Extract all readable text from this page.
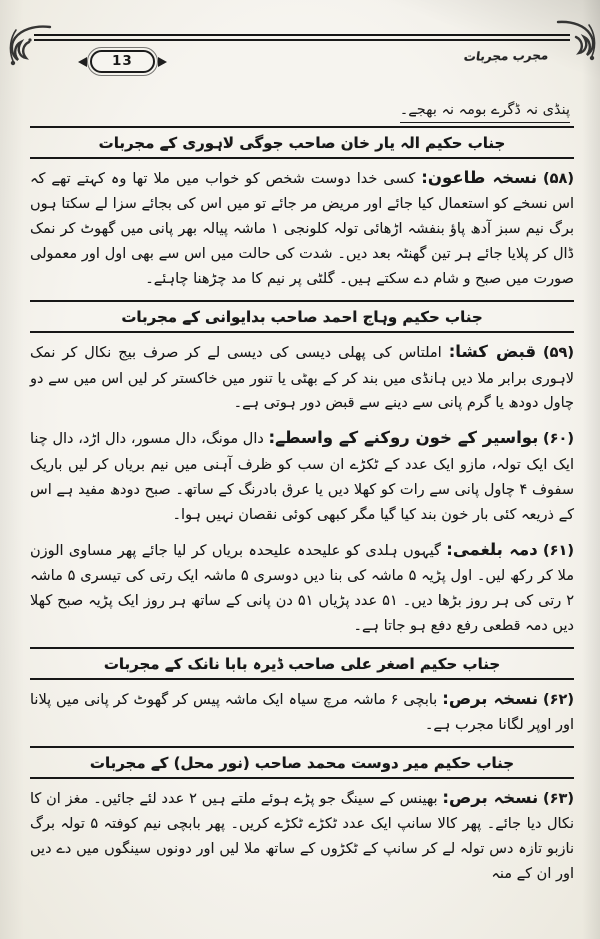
13	مجرب مجربات

پنڈی نہ ڈگرے بومہ نہ بھجے۔

جناب حکیم الہ یار خان صاحب جوگی لاہوری کے مجربات

(۵۸) نسخہ طاعون: کسی خدا دوست شخص کو خواب میں ملا تھا وہ کہتے تھے کہ اس نسخے کو استعمال کیا جائے اور مریض مر جائے تو میں اس کی بجائے سزا لے سکتا ہوں برگ نیم سبز آدھ پاؤ بنفشہ اڑھائی تولہ کلونجی ۱ ماشہ پیالہ بھر پانی میں گھوٹ کر نمک ڈال کر پلایا جائے ہر تین گھنٹہ بعد دیں۔ شدت کی حالت میں اس سے بھی اول اور معمولی صورت میں صبح و شام دے سکتے ہیں۔ گلٹی پر نیم کا مد چڑھنا چاہئے۔

جناب حکیم وہاج احمد صاحب بدایوانی کے مجربات

(۵۹) قبض کشا: املتاس کی پھلی دیسی کی دیسی لے کر صرف بیج نکال کر نمک لاہوری برابر ملا دیں ہانڈی میں بند کر کے بھٹی یا تنور میں خاکستر کر لیں اس میں سے دو چاول دودھ یا گرم پانی سے دینے سے قبض دور ہوتی ہے۔

(۶۰) بواسیر کے خون روکنے کے واسطے: دال مونگ، دال مسور، دال اڑد، دال چنا ایک ایک تولہ، مازو ایک عدد کے ٹکڑے ان سب کو ظرف آہنی میں نیم بریاں کر لیں باریک سفوف ۴ چاول پانی سے رات کو کھلا دیں یا عرق بادرنگ کے ساتھ۔ صبح دودھ مفید ہے اس کے ذریعہ کئی بار خون بند کیا گیا مگر کبھی کوئی نقصان نہیں ہوا۔

(۶۱) دمہ بلغمی: گیہوں ہلدی کو علیحدہ علیحدہ بریاں کر لیا جائے پھر مساوی الوزن ملا کر رکھ لیں۔ اول پڑیہ ۵ ماشہ کی بنا دیں دوسری ۵ ماشہ ایک رتی کی تیسری ۵ ماشہ ۲ رتی کی ہر روز بڑھا دیں۔ ۵۱ عدد پڑیاں ۵۱ دن پانی کے ساتھ ہر روز ایک پڑیہ صبح کھلا دیں دمہ قطعی رفع دفع ہو جاتا ہے۔

جناب حکیم اصغر علی صاحب ڈیرہ بابا نانک کے مجربات

(۶۲) نسخہ برص: بابچی ۶ ماشہ مرچ سیاہ ایک ماشہ پیس کر گھوٹ کر پانی میں پلانا اور اوپر لگانا مجرب ہے۔

جناب حکیم میر دوست محمد صاحب (نور محل) کے مجربات

(۶۳) نسخہ برص: بھینس کے سینگ جو پڑے ہوئے ملتے ہیں ۲ عدد لئے جائیں۔ مغز ان کا نکال دیا جائے۔ پھر کالا سانپ ایک عدد ٹکڑے ٹکڑے کریں۔ پھر بابچی نیم کوفتہ ۵ تولہ برگ نازبو تازہ دس تولہ لے کر سانپ کے ٹکڑوں کے ساتھ ملا لیں اور دونوں سینگوں میں دے دیں اور ان کے منہ
